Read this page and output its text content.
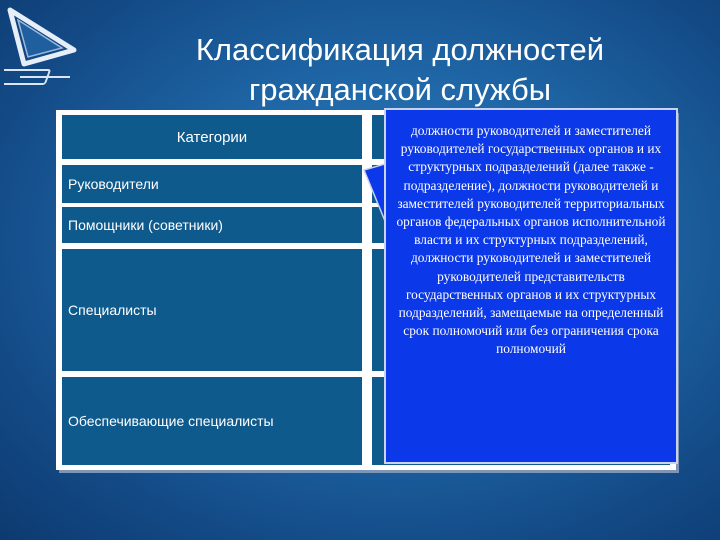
Классификация должностей
гражданской службы
Категории
Руководители
Помощники (советники)
Специалисты
Обеспечивающие специалисты
должности руководителей и заместителей руководителей государственных органов и их структурных подразделений (далее также - подразделение), должности руководителей и заместителей руководителей территориальных органов федеральных органов исполнительной власти и их структурных подразделений, должности руководителей и заместителей руководителей представительств государственных органов и их структурных подразделений, замещаемые на определенный срок полномочий или без ограничения срока полномочий
